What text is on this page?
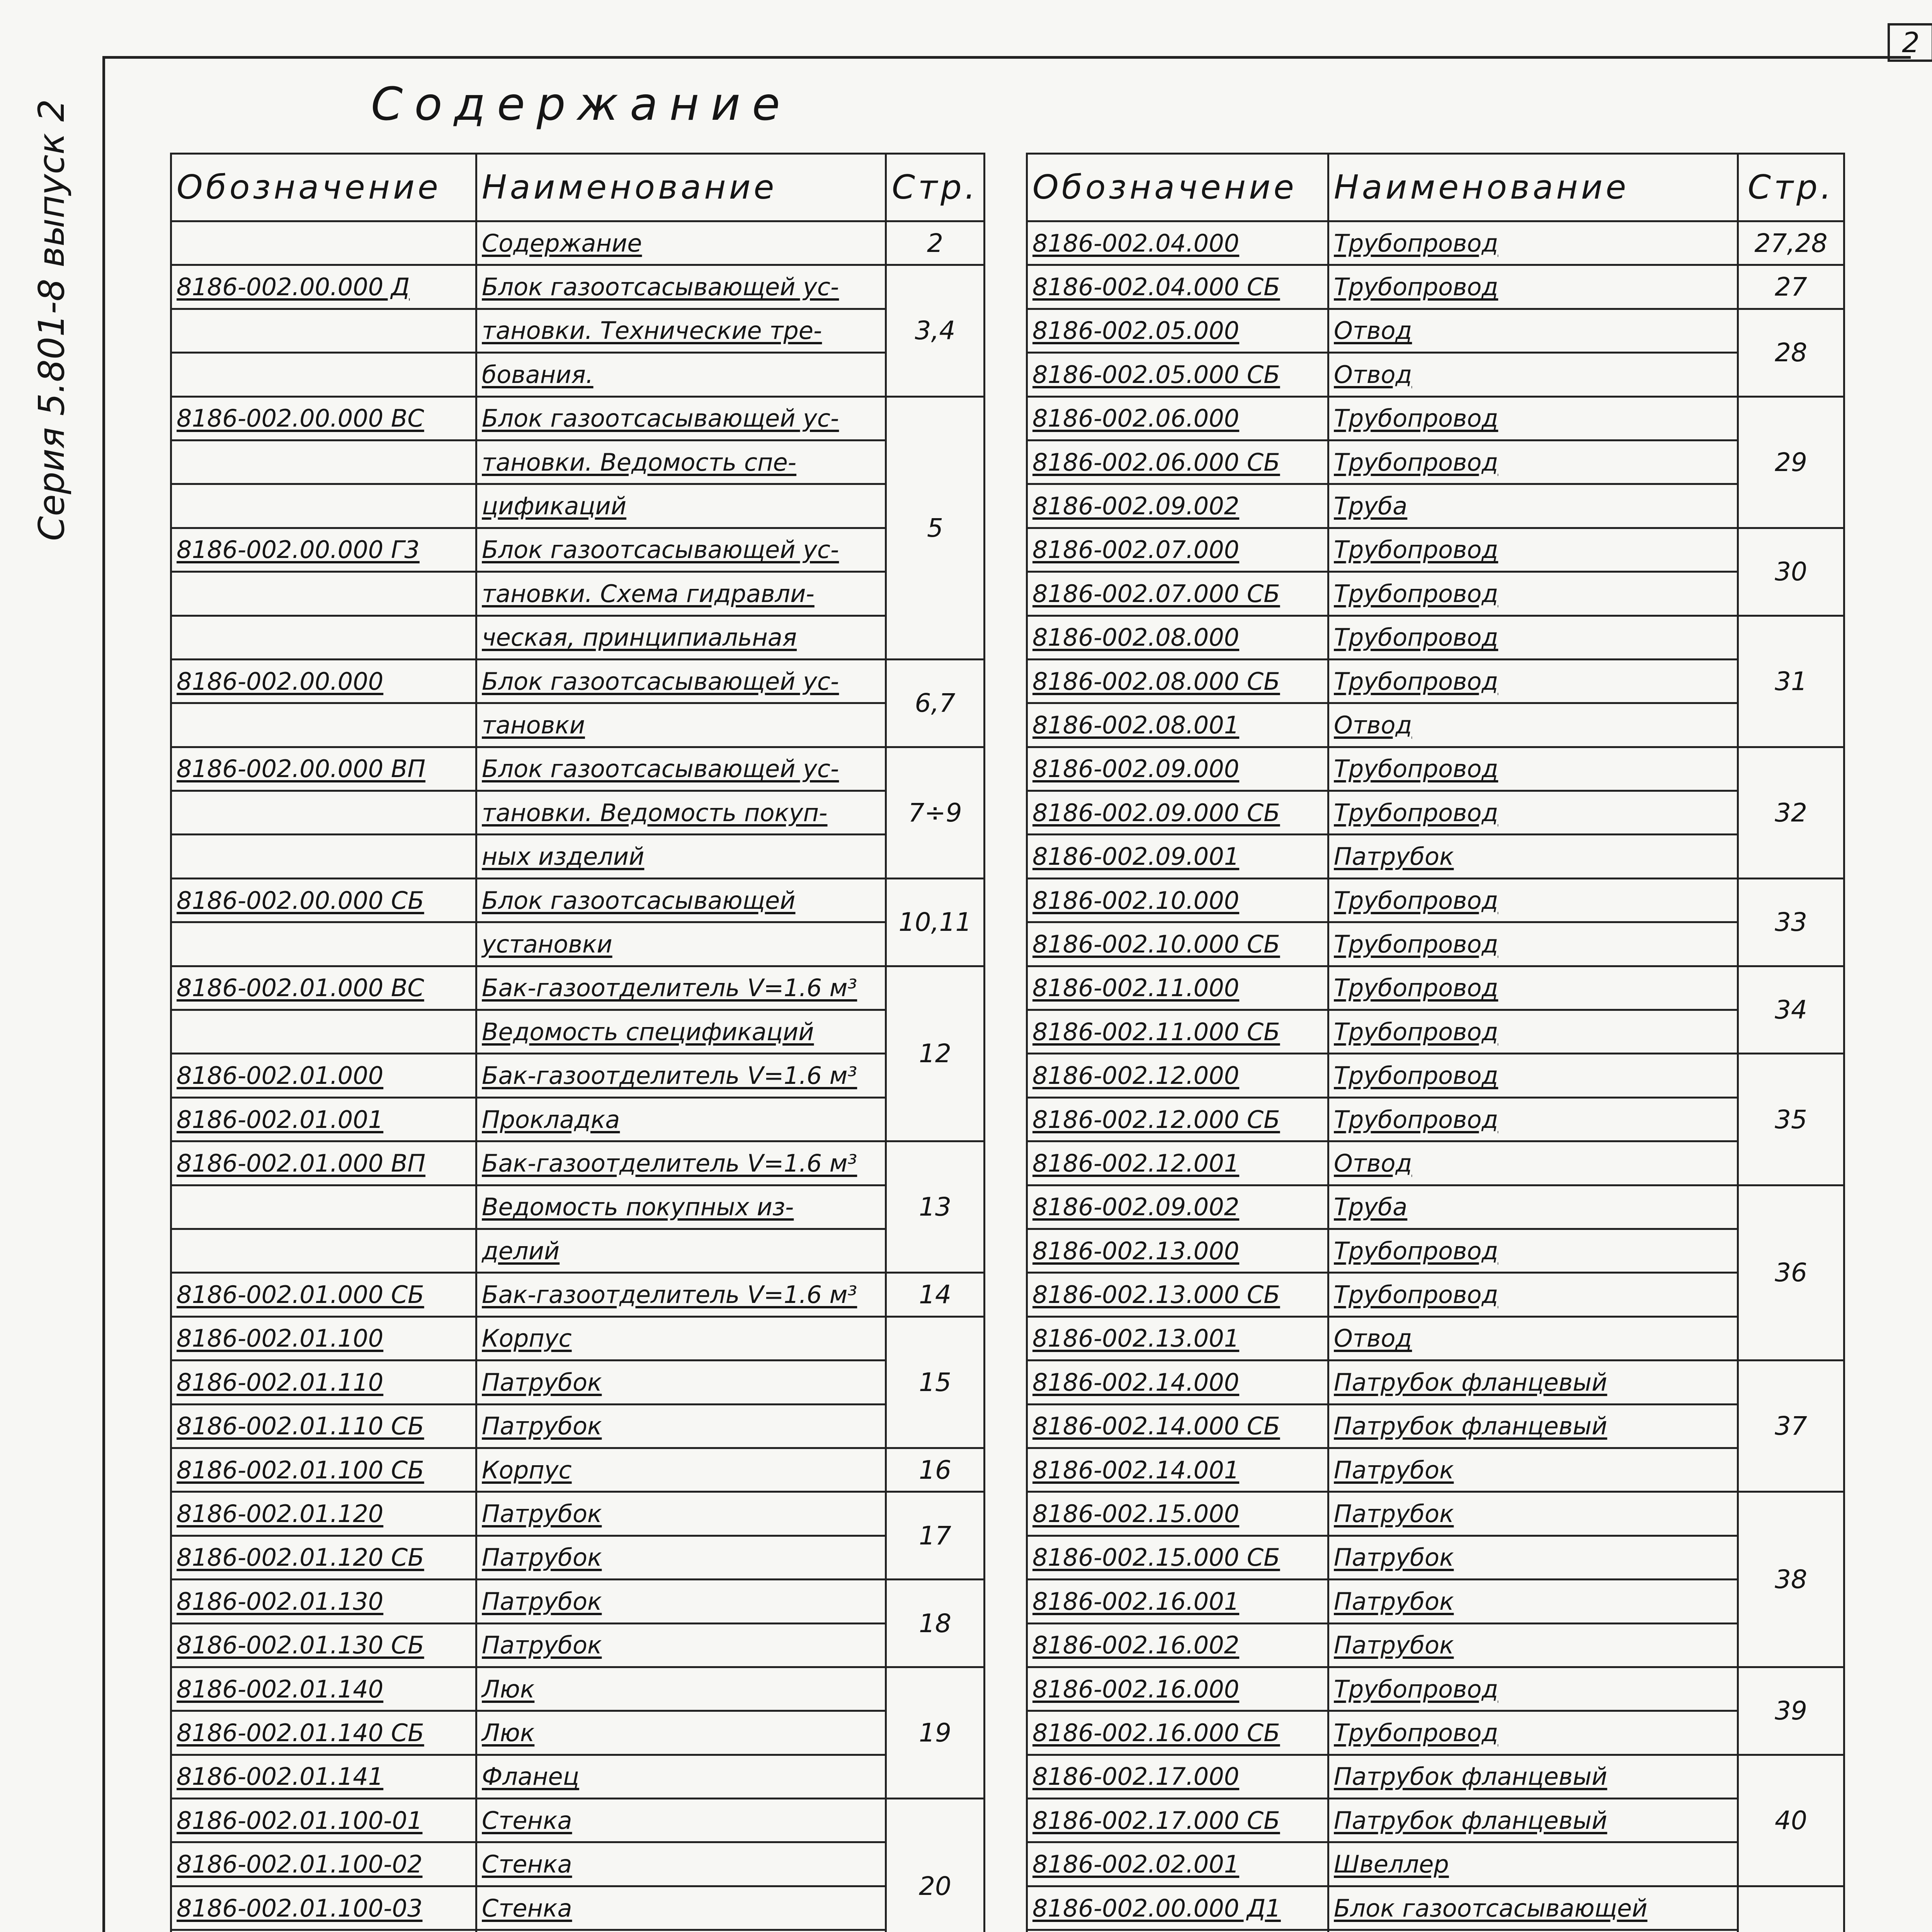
2
Серия 5.801-8 выпуск 2	Содержание
Обозначение	Наименование	Стр.
	Содержание	2
8186-002.00.000 Д	Блок газоотсасывающей ус-	3,4
	тановки. Технические тре-	
	бования.	
8186-002.00.000 ВС	Блок газоотсасывающей ус-	5
	тановки. Ведомость спе-	
	цификаций	
8186-002.00.000 Г3	Блок газоотсасывающей ус-	
	тановки. Схема гидравли-	
	ческая, принципиальная	
8186-002.00.000	Блок газоотсасывающей ус-	6,7
	тановки	
8186-002.00.000 ВП	Блок газоотсасывающей ус-	7÷9
	тановки. Ведомость покуп-	
	ных изделий	
8186-002.00.000 СБ	Блок газоотсасывающей	10,11
	установки	
8186-002.01.000 ВС	Бак-газоотделитель V=1.6 м³	12
	Ведомость спецификаций	
8186-002.01.000	Бак-газоотделитель V=1.6 м³	
8186-002.01.001	Прокладка	
8186-002.01.000 ВП	Бак-газоотделитель V=1.6 м³	13
	Ведомость покупных из-	
	делий	
8186-002.01.000 СБ	Бак-газоотделитель V=1.6 м³	14
8186-002.01.100	Корпус	15
8186-002.01.110	Патрубок	
8186-002.01.110 СБ	Патрубок	
8186-002.01.100 СБ	Корпус	16
8186-002.01.120	Патрубок	17
8186-002.01.120 СБ	Патрубок	
8186-002.01.130	Патрубок	18
8186-002.01.130 СБ	Патрубок	
8186-002.01.140	Люк	19
8186-002.01.140 СБ	Люк	
8186-002.01.141	Фланец	
8186-002.01.100-01	Стенка	20
8186-002.01.100-02	Стенка	
8186-002.01.100-03	Стенка	

Обозначение	Наименование	Стр.
8186-002.04.000	Трубопровод	27,28
8186-002.04.000 СБ	Трубопровод	27
8186-002.05.000	Отвод	28
8186-002.05.000 СБ	Отвод	
8186-002.06.000	Трубопровод	29
8186-002.06.000 СБ	Трубопровод	
8186-002.09.002	Труба	
8186-002.07.000	Трубопровод	30
8186-002.07.000 СБ	Трубопровод	
8186-002.08.000	Трубопровод	31
8186-002.08.000 СБ	Трубопровод	
8186-002.08.001	Отвод	
8186-002.09.000	Трубопровод	32
8186-002.09.000 СБ	Трубопровод	
8186-002.09.001	Патрубок	
8186-002.10.000	Трубопровод	33
8186-002.10.000 СБ	Трубопровод	
8186-002.11.000	Трубопровод	34
8186-002.11.000 СБ	Трубопровод	
8186-002.12.000	Трубопровод	35
8186-002.12.000 СБ	Трубопровод	
8186-002.12.001	Отвод	
8186-002.09.002	Труба	36
8186-002.13.000	Трубопровод	
8186-002.13.000 СБ	Трубопровод	
8186-002.13.001	Отвод	
8186-002.14.000	Патрубок фланцевый	37
8186-002.14.000 СБ	Патрубок фланцевый	
8186-002.14.001	Патрубок	
8186-002.15.000	Патрубок	38
8186-002.15.000 СБ	Патрубок	
8186-002.16.001	Патрубок	
8186-002.16.002	Патрубок	
8186-002.16.000	Трубопровод	39
8186-002.16.000 СБ	Трубопровод	
8186-002.17.000	Патрубок фланцевый	40
8186-002.17.000 СБ	Патрубок фланцевый	
8186-002.02.001	Швеллер	
8186-002.00.000 Д1	Блок газоотсасывающей	
